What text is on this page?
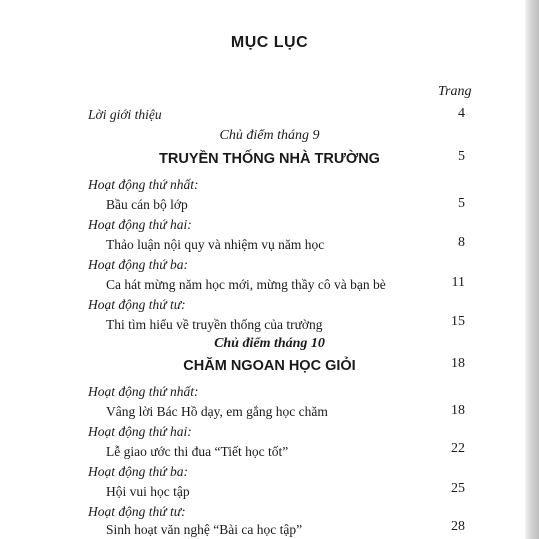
MỤC LỤC
Trang
Lời giới thiệu	4
Chủ điểm tháng 9
TRUYỀN THỐNG NHÀ TRƯỜNG	5
Hoạt động thứ nhất:
Bầu cán bộ lớp	5
Hoạt động thứ hai:
Thảo luận nội quy và nhiệm vụ năm học	8
Hoạt động thứ ba:
Ca hát mừng năm học mới, mừng thầy cô và bạn bè	11
Hoạt động thứ tư:
Thi tìm hiểu về truyền thống của trường	15
Chủ điểm tháng 10
CHĂM NGOAN HỌC GIỎI	18
Hoạt động thứ nhất:
Vâng lời Bác Hồ dạy, em gắng học chăm	18
Hoạt động thứ hai:
Lễ giao ước thi đua “Tiết học tốt”	22
Hoạt động thứ ba:
Hội vui học tập	25
Hoạt động thứ tư:
Sinh hoạt văn nghệ “Bài ca học tập”	28
